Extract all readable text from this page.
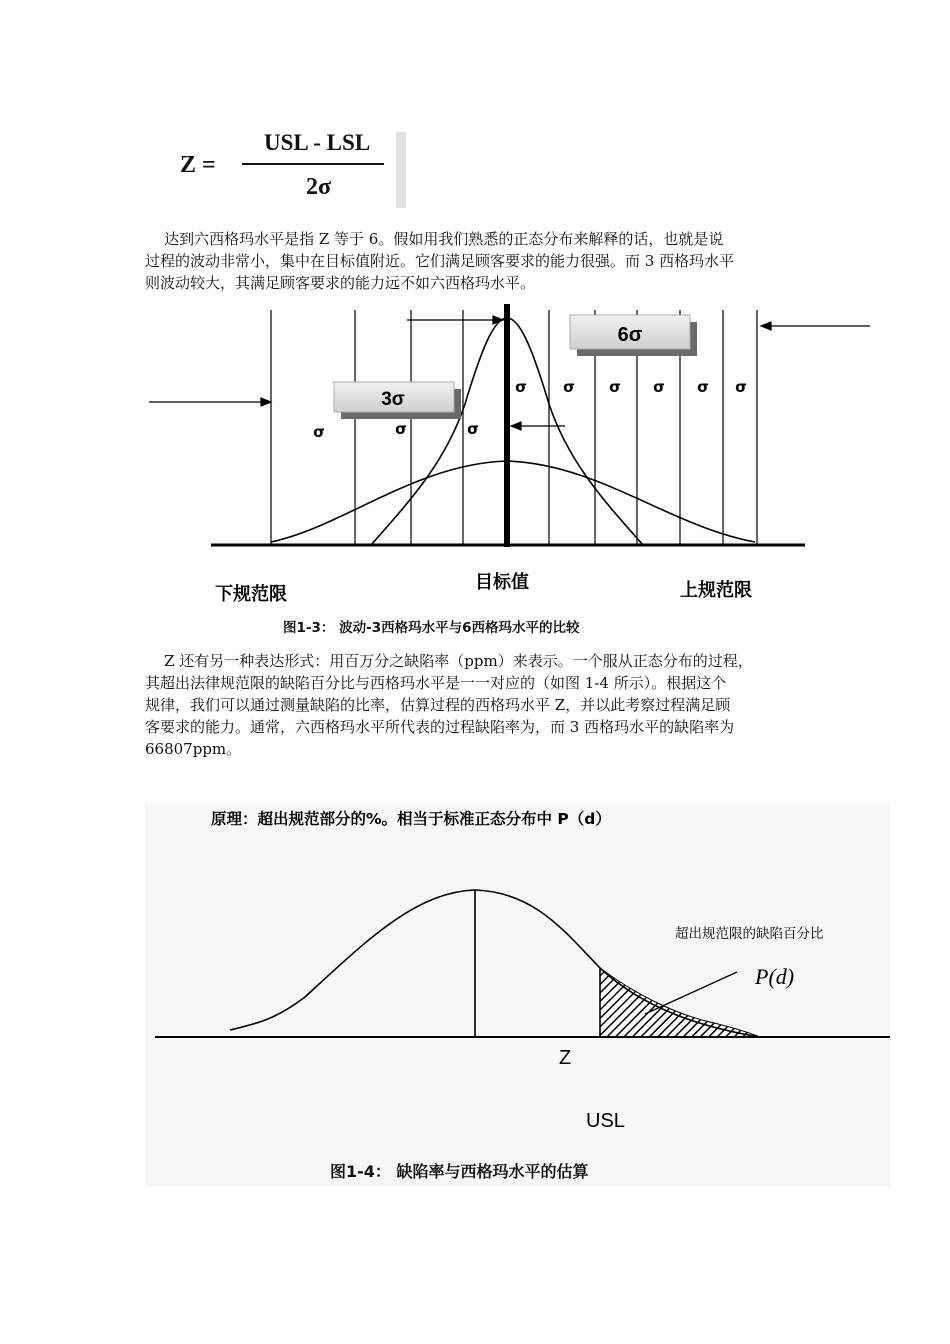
Z =
USL - LSL
2σ

达到六西格玛水平是指 Z 等于 6。假如用我们熟悉的正态分布来解释的话，也就是说
过程的波动非常小，集中在目标值附近。它们满足顾客要求的能力很强。而 3 西格玛水平
则波动较大，其满足顾客要求的能力远不如六西格玛水平。

6σ
3σ
σ σ σ σ σ σ
σ	σ	σ
下规范限
目标值	上规范限
图1-3： 波动-3西格玛水平与6西格玛水平的比较

Z 还有另一种表达形式：用百万分之缺陷率（ppm）来表示。一个服从正态分布的过程，
其超出法律规范限的缺陷百分比与西格玛水平是一一对应的（如图 1-4 所示）。根据这个
规律，我们可以通过测量缺陷的比率，估算过程的西格玛水平 Z，并以此考察过程满足顾
客要求的能力。通常，六西格玛水平所代表的过程缺陷率为，而 3 西格玛水平的缺陷率为
66807ppm。

原理：超出规范部分的%。相当于标准正态分布中 P（d）
超出规范限的缺陷百分比
P(d)
Z
USL
图1-4： 缺陷率与西格玛水平的估算
